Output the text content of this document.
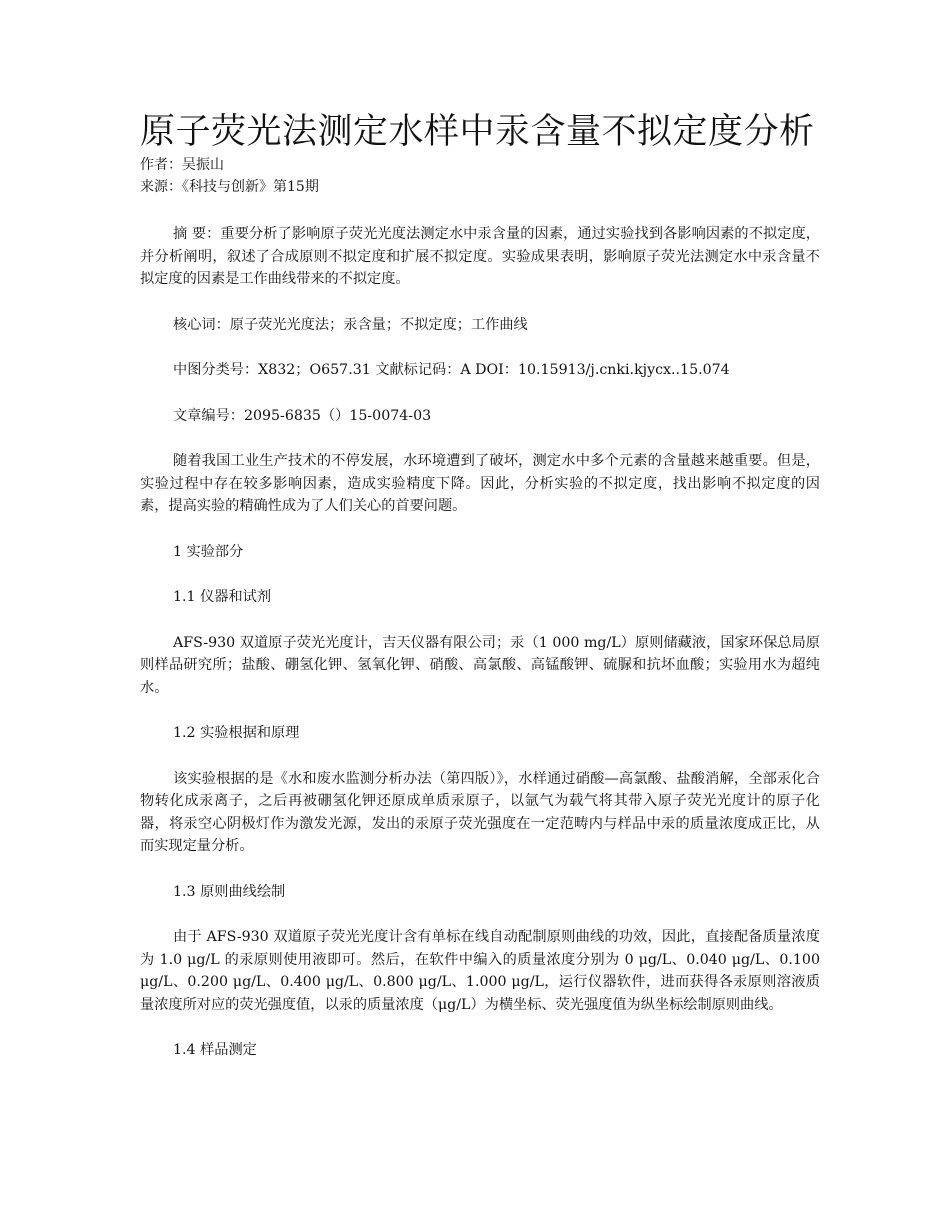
原子荧光法测定水样中汞含量不拟定度分析

作者：吴振山

来源：《科技与创新》第15期

摘 要：重要分析了影响原子荧光光度法测定水中汞含量的因素，通过实验找到各影响因素的不拟定度，并分析阐明，叙述了合成原则不拟定度和扩展不拟定度。实验成果表明，影响原子荧光法测定水中汞含量不拟定度的因素是工作曲线带来的不拟定度。

核心词：原子荧光光度法；汞含量；不拟定度；工作曲线

中图分类号：X832；O657.31 文献标记码：A DOI：10.15913/j.cnki.kjycx..15.074

文章编号：2095-6835（）15-0074-03

随着我国工业生产技术的不停发展，水环境遭到了破坏，测定水中多个元素的含量越来越重要。但是，实验过程中存在较多影响因素，造成实验精度下降。因此，分析实验的不拟定度，找出影响不拟定度的因素，提高实验的精确性成为了人们关心的首要问题。

1 实验部分

1.1 仪器和试剂

AFS-930 双道原子荧光光度计，吉天仪器有限公司；汞（1 000 mg/L）原则储藏液，国家环保总局原则样品研究所；盐酸、硼氢化钾、氢氧化钾、硝酸、高氯酸、高锰酸钾、硫脲和抗坏血酸；实验用水为超纯水。

1.2 实验根据和原理

该实验根据的是《水和废水监测分析办法（第四版）》，水样通过硝酸—高氯酸、盐酸消解，全部汞化合物转化成汞离子，之后再被硼氢化钾还原成单质汞原子，以氩气为载气将其带入原子荧光光度计的原子化器，将汞空心阴极灯作为激发光源，发出的汞原子荧光强度在一定范畴内与样品中汞的质量浓度成正比，从而实现定量分析。

1.3 原则曲线绘制

由于 AFS-930 双道原子荧光光度计含有单标在线自动配制原则曲线的功效，因此，直接配备质量浓度为 1.0 μg/L 的汞原则使用液即可。然后，在软件中编入的质量浓度分别为 0 μg/L、0.040 μg/L、0.100 μg/L、0.200 μg/L、0.400 μg/L、0.800 μg/L、1.000 μg/L，运行仪器软件，进而获得各汞原则溶液质量浓度所对应的荧光强度值，以汞的质量浓度（μg/L）为横坐标、荧光强度值为纵坐标绘制原则曲线。

1.4 样品测定
